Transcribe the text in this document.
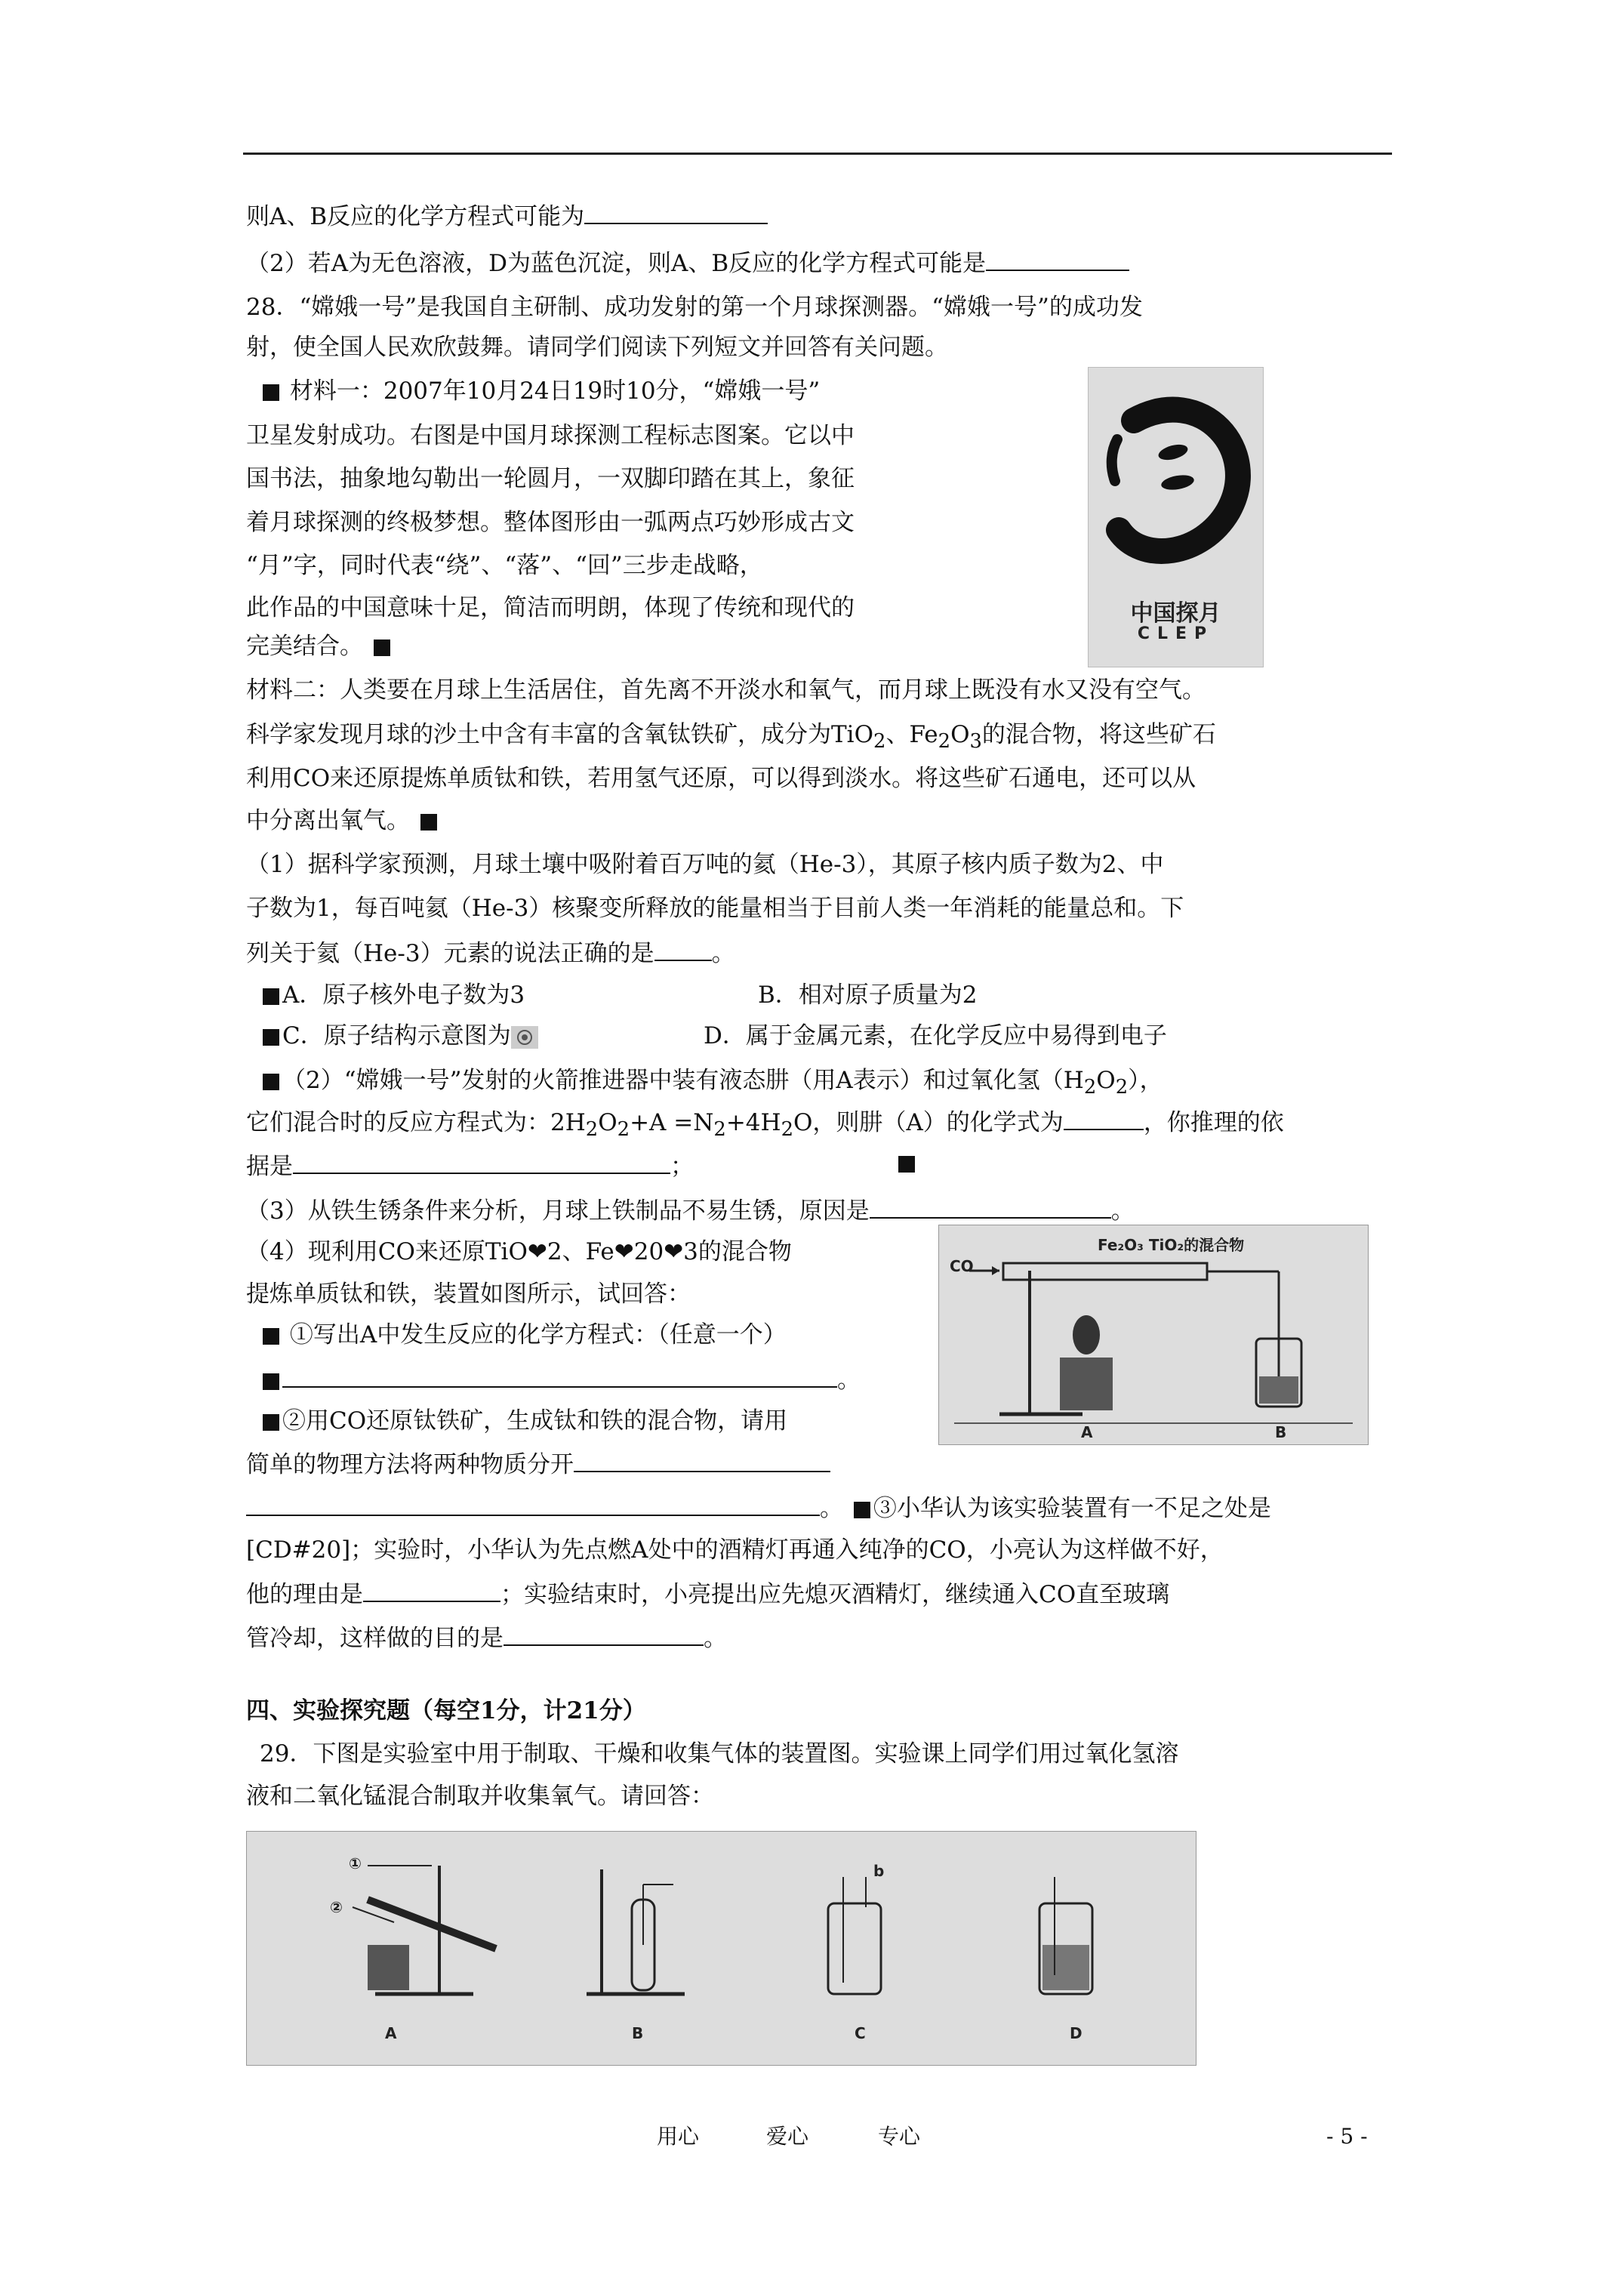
则A、B反应的化学方程式可能为
（2）若A为无色溶液，D为蓝色沉淀，则A、B反应的化学方程式可能是
28．“嫦娥一号”是我国自主研制、成功发射的第一个月球探测器。“嫦娥一号”的成功发
射，使全国人民欢欣鼓舞。请同学们阅读下列短文并回答有关问题。
材料一：2007年10月24日19时10分，“嫦娥一号”
卫星发射成功。右图是中国月球探测工程标志图案。它以中
国书法，抽象地勾勒出一轮圆月，一双脚印踏在其上，象征
着月球探测的终极梦想。整体图形由一弧两点巧妙形成古文
“月”字，同时代表“绕”、“落”、“回”三步走战略，
此作品的中国意味十足，简洁而明朗，体现了传统和现代的
完美结合。
中国探月
CLEP
材料二：人类要在月球上生活居住，首先离不开淡水和氧气，而月球上既没有水又没有空气。
科学家发现月球的沙土中含有丰富的含氧钛铁矿，成分为TiO$_2$、$Fe_2O_3$的混合物，将这些矿石
利用CO来还原提炼单质钛和铁，若用氢气还原，可以得到淡水。将这些矿石通电，还可以从
中分离出氧气。
（1）据科学家预测，月球土壤中吸附着百万吨的氦（He-3），其原子核内质子数为2、中
子数为1，每百吨氦（He-3）核聚变所释放的能量相当于目前人类一年消耗的能量总和。下
列关于氦（He-3）元素的说法正确的是 。
A．原子核外电子数为3	B．相对原子质量为2
C．原子结构示意图为	D．属于金属元素，在化学反应中易得到电子
（2）“嫦娥一号”发射的火箭推进器中装有液态肼（用A表示）和过氧化氢$(H_2O_2)$，
它们混合时的反应方程式为：$2H_2O_2+A =N_2+4H_2O$，则肼（A）的化学式为	，你推理的依
据是	；
（3）从铁生锈条件来分析，月球上铁制品不易生锈，原因是	。
（4）现利用CO来还原TiO❤2、Fe❤20❤3的混合物
提炼单质钛和铁，装置如图所示，试回答：
①写出A中发生反应的化学方程式：（任意一个）
。
②用CO还原钛铁矿，生成钛和铁的混合物，请用
简单的物理方法将两种物质分开
。 ③小华认为该实验装置有一不足之处是
[CD#20]；实验时，小华认为先点燃A处中的酒精灯再通入纯净的CO，小亮认为这样做不好，
他的理由是	；实验结束时，小亮提出应先熄灭酒精灯，继续通入CO直至玻璃
管冷却，这样做的目的是	。
Fe₂O₃ TiO₂的混合物
CO
A	B
四、实验探究题（每空1分，计21分）
29．下图是实验室中用于制取、干燥和收集气体的装置图。实验课上同学们用过氧化氢溶
液和二氧化锰混合制取并收集氧气。请回答：
①
②
A	B	C	D
b
用心	爱心	专心	- 5 -
